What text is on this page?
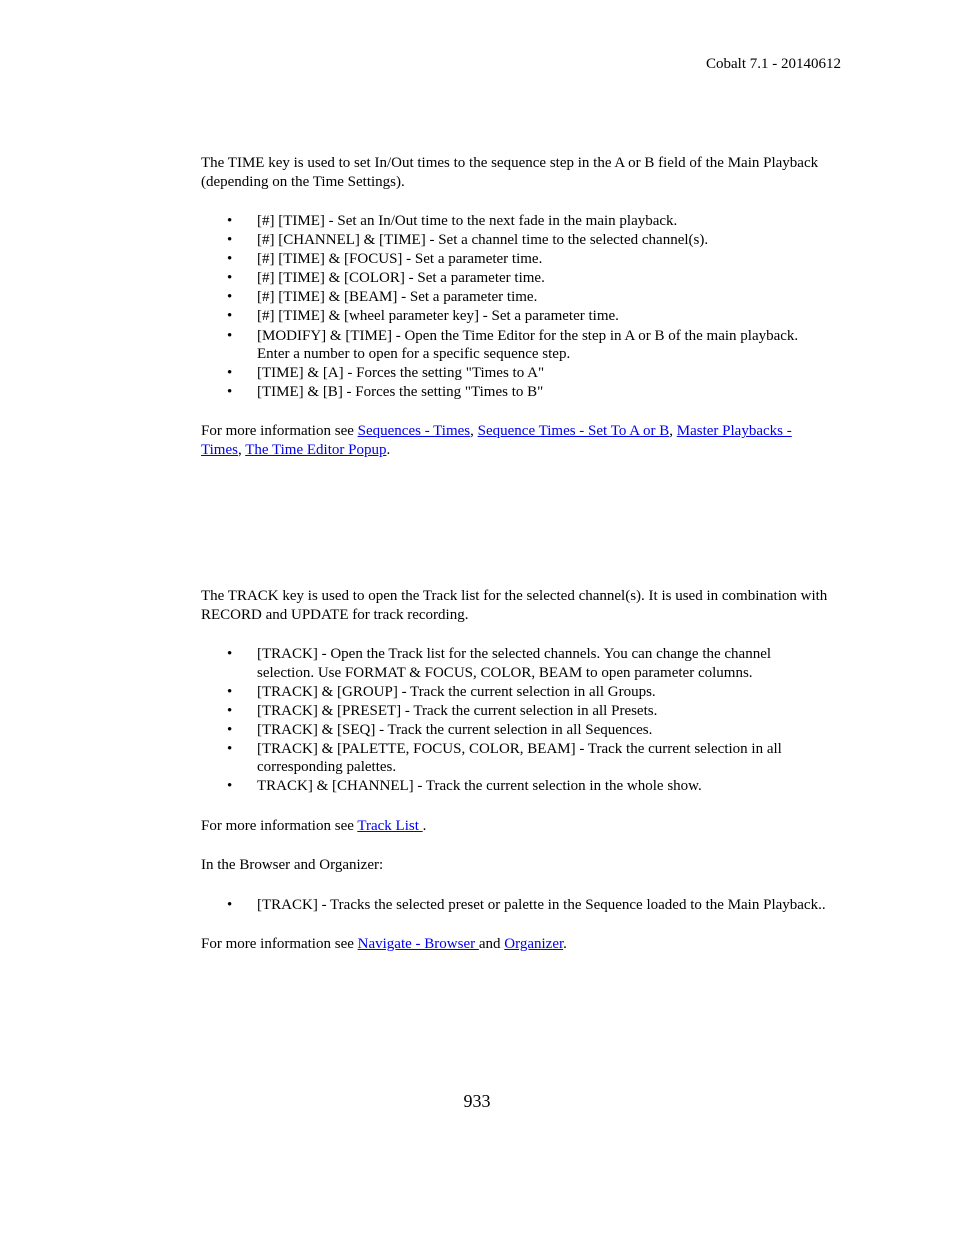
Cobalt 7.1 - 20140612

The TIME key is used to set In/Out times to the sequence step in the A or B field of the Main Playback (depending on the Time Settings).

• [#] [TIME] - Set an In/Out time to the next fade in the main playback.
• [#] [CHANNEL] & [TIME] - Set a channel time to the selected channel(s).
• [#] [TIME] & [FOCUS] - Set a parameter time.
• [#] [TIME] & [COLOR] - Set a parameter time.
• [#] [TIME] & [BEAM] - Set a parameter time.
• [#] [TIME] & [wheel parameter key] - Set a parameter time.
• [MODIFY] & [TIME] - Open the Time Editor for the step in A or B of the main playback. Enter a number to open for a specific sequence step.
• [TIME] & [A] - Forces the setting "Times to A"
• [TIME] & [B] - Forces the setting "Times to B"

For more information see Sequences - Times, Sequence Times - Set To A or B, Master Playbacks - Times, The Time Editor Popup.

The TRACK key is used to open the Track list for the selected channel(s). It is used in combination with RECORD and UPDATE for track recording.

• [TRACK] - Open the Track list for the selected channels. You can change the channel selection. Use FORMAT & FOCUS, COLOR, BEAM to open parameter columns.
• [TRACK] & [GROUP] - Track the current selection in all Groups.
• [TRACK] & [PRESET] - Track the current selection in all Presets.
• [TRACK] & [SEQ] - Track the current selection in all Sequences.
• [TRACK] & [PALETTE, FOCUS, COLOR, BEAM] - Track the current selection in all corresponding palettes.
• TRACK] & [CHANNEL] - Track the current selection in the whole show.

For more information see Track List .

In the Browser and Organizer:

• [TRACK] - Tracks the selected preset or palette in the Sequence loaded to the Main Playback..

For more information see Navigate - Browser and Organizer.

933
